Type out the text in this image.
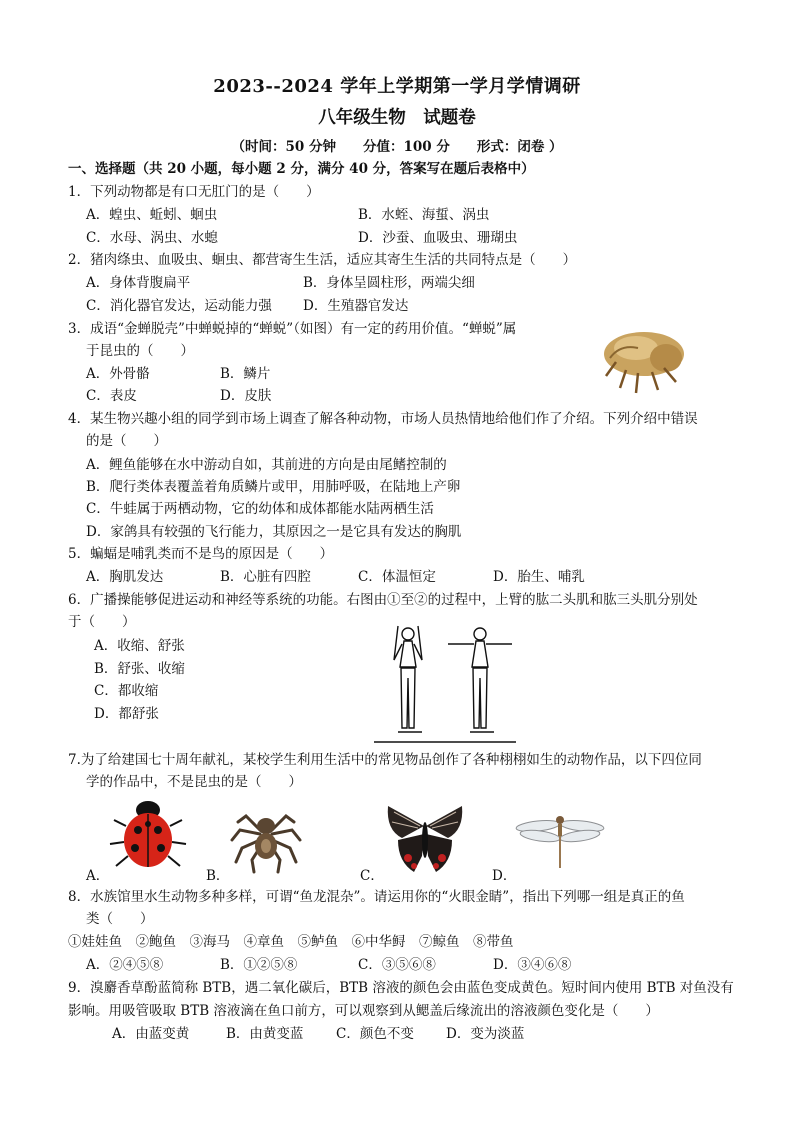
2023--2024 学年上学期第一学月学情调研
八年级生物　试题卷
（时间：50 分钟　　分值：100 分　　形式：闭卷 ）
一、选择题（共 20 小题，每小题 2 分，满分 40 分，答案写在题后表格中）
1．下列动物都是有口无肛门的是（　　）
A．蝗虫、蚯蚓、蛔虫	B．水蛭、海蜇、涡虫
C．水母、涡虫、水螅	D．沙蚕、血吸虫、珊瑚虫
2．猪肉绦虫、血吸虫、蛔虫、都营寄生生活，适应其寄生生活的共同特点是（　　）
A．身体背腹扁平	B．身体呈圆柱形，两端尖细
C．消化器官发达，运动能力强 D．生殖器官发达
3．成语“金蝉脱壳”中蝉蜕掉的“蝉蜕”（如图）有一定的药用价值。“蝉蜕”属
于昆虫的（　　）
A．外骨骼	B．鳞片
C．表皮	D．皮肤
4．某生物兴趣小组的同学到市场上调查了解各种动物，市场人员热情地给他们作了介绍。下列介绍中错误
的是（　　）
A．鲤鱼能够在水中游动自如，其前进的方向是由尾鳍控制的
B．爬行类体表覆盖着角质鳞片或甲，用肺呼吸，在陆地上产卵
C．牛蛙属于两栖动物，它的幼体和成体都能水陆两栖生活
D．家鸽具有较强的飞行能力，其原因之一是它具有发达的胸肌
5．蝙蝠是哺乳类而不是鸟的原因是（　　）
A．胸肌发达	B．心脏有四腔	C．体温恒定	D．胎生、哺乳
6．广播操能够促进运动和神经等系统的功能。右图由①至②的过程中，上臂的肱二头肌和肱三头肌分别处
于（　　）
A．收缩、舒张
B．舒张、收缩
C．都收缩
D．都舒张
7.为了给建国七十周年献礼，某校学生利用生活中的常见物品创作了各种栩栩如生的动物作品，以下四位同
学的作品中，不是昆虫的是（　　）
A．	B．	C．	D．
8．水族馆里水生动物多种多样，可谓“鱼龙混杂”。请运用你的“火眼金睛”，指出下列哪一组是真正的鱼
类（　　）
①娃娃鱼　②鲍鱼　③海马　④章鱼　⑤鲈鱼　⑥中华鲟　⑦鲸鱼　⑧带鱼
A．②④⑤⑧	B．①②⑤⑧	C．③⑤⑥⑧	D．③④⑥⑧
9．溴麝香草酚蓝简称 BTB，遇二氧化碳后，BTB 溶液的颜色会由蓝色变成黄色。短时间内使用 BTB 对鱼没有
影响。用吸管吸取 BTB 溶液滴在鱼口前方，可以观察到从鳃盖后缘流出的溶液颜色变化是（　　）
A．由蓝变黄	B．由黄变蓝 C．颜色不变 D．变为淡蓝
